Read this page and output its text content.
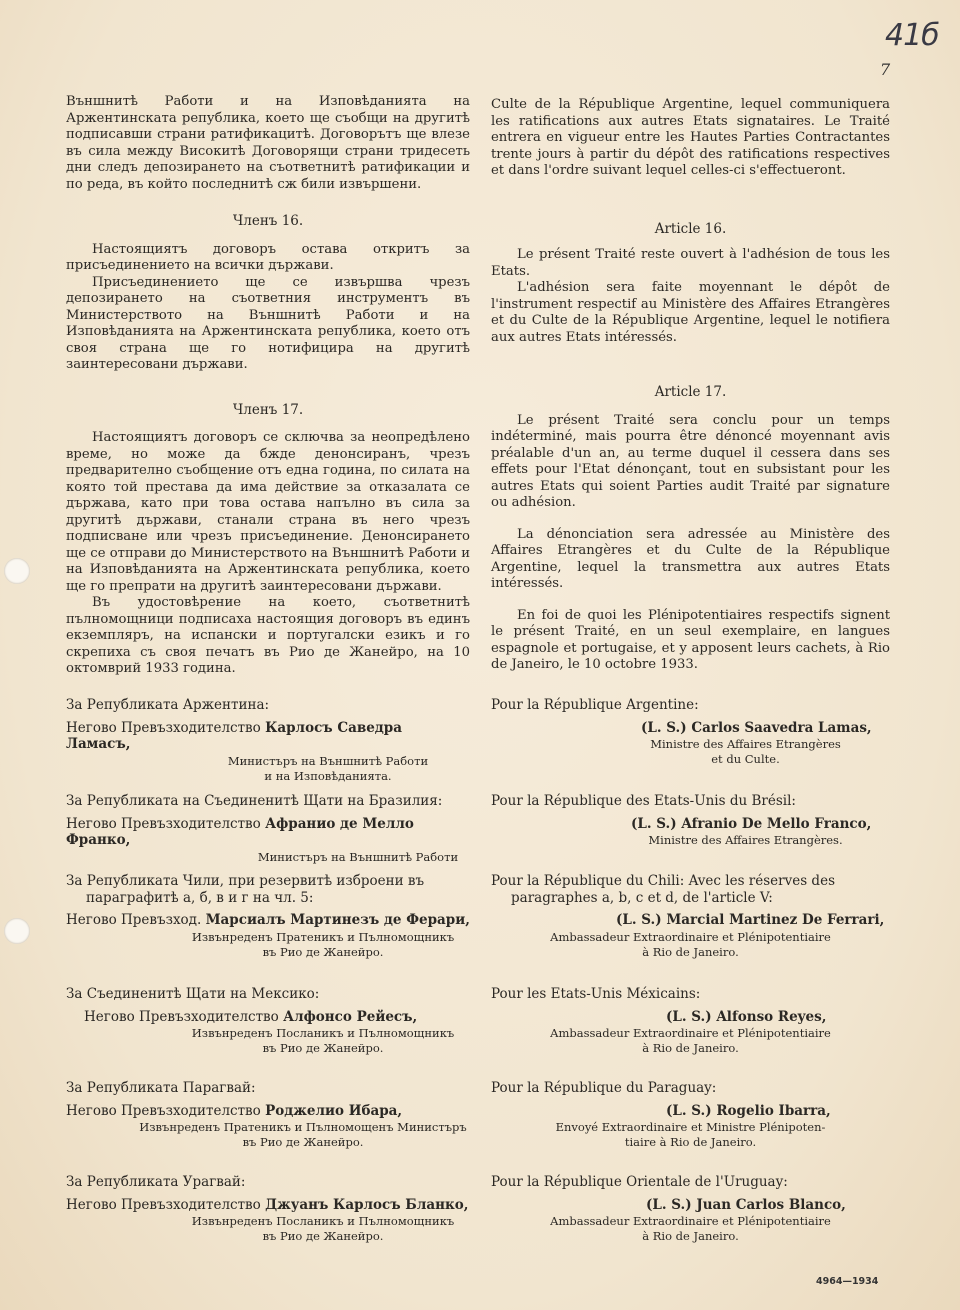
41б
7

Външнитѣ Работи и на Изповѣданията на Аржентинската република, което ще съобщи на другитѣ подписавши страни ратификацитѣ. Договорътъ ще влезе въ сила между Високитѣ Договорящи страни тридесеть дни следъ депозирането на съответнитѣ ратификации и по реда, въ който последнитѣ сж били извършени.

Членъ 16.

Настоящиятъ договоръ остава откритъ за присъединението на всички държави.

Присъединението ще се извършва чрезъ депозирането на съответния инструментъ въ Министерството на Външнитѣ Работи и на Изповѣданията на Аржентинската република, което отъ своя страна ще го нотифицира на другитѣ заинтересовани държави.

Членъ 17.

Настоящиятъ договоръ се сключва за неопредѣлено време, но може да бжде денонсиранъ, чрезъ предварително съобщение отъ една година, по силата на която той престава да има действие за отказалата се държава, като при това остава напълно въ сила за другитѣ държави, станали страна въ него чрезъ подписване или чрезъ присъединение. Денонсирането ще се отправи до Министерството на Външнитѣ Работи и на Изповѣданията на Аржентинската република, което ще го препрати на другитѣ заинтересовани държави.

Въ удостовѣрение на което, съответнитѣ пълномощници подписаха настоящия договоръ въ единъ екземпляръ, на испански и португалски езикъ и го скрепиха съ своя печатъ въ Рио де Жанейро, на 10 октомврий 1933 година.

Culte de la République Argentine, lequel communiquera les ratifications aux autres Etats signataires. Le Traité entrera en vigueur entre les Hautes Parties Contractantes trente jours à partir du dépôt des ratifications respectives et dans l'ordre suivant lequel celles-ci s'effectueront.

Article 16.

Le présent Traité reste ouvert à l'adhésion de tous les Etats.

L'adhésion sera faite moyennant le dépôt de l'instrument respectif au Ministère des Affaires Etrangères et du Culte de la République Argentine, lequel le notifiera aux autres Etats intéressés.

Article 17.

Le présent Traité sera conclu pour un temps indéterminé, mais pourra être dénoncé moyennant avis préalable d'un an, au terme duquel il cessera dans ses effets pour l'Etat dénonçant, tout en subsistant pour les autres Etats qui soient Parties audit Traité par signature ou adhésion.

La dénonciation sera adressée au Ministère des Affaires Etrangères et du Culte de la République Argentine, lequel la transmettra aux autres Etats intéressés.

En foi de quoi les Plénipotentiaires respectifs signent le présent Traité, en un seul exemplaire, en langues espagnole et portugaise, et y apposent leurs cachets, à Rio de Janeiro, le 10 octobre 1933.

За Републиката Аржентина:
Негово Превъзходителство Карлосъ Саведра Ламасъ,
Министъръ на Външнитѣ Работи
и на Изповѣданията.
За Републиката на Съединенитѣ Щати на Бразилия:
Негово Превъзходителство Афранио де Мелло Франко,
Министъръ на Външнитѣ Работи
За Републиката Чили, при резервитѣ изброени въ
параграфитѣ а, б, в и г на чл. 5:
Негово Превъзход. Марсиалъ Мартинезъ де Ферари,
Извънреденъ Пратеникъ и Пълномощникъ
въ Рио де Жанейро.
За Съединенитѣ Щати на Мексико:
Негово Превъзходителство Алфонсо Рейесъ,
Извънреденъ Посланикъ и Пълномощникъ
въ Рио де Жанейро.
За Републиката Парагвай:
Негово Превъзходителство Роджелио Ибара,
Извънреденъ Пратеникъ и Пълномощенъ Министъръ
въ Рио де Жанейро.
За Републиката Урагвай:
Негово Превъзходителство Джуанъ Карлосъ Бланко,
Извънреденъ Посланикъ и Пълномощникъ
въ Рио де Жанейро.
Pour la République Argentine:
(L. S.) Carlos Saavedra Lamas,
Ministre des Affaires Etrangères
et du Culte.
Pour la République des Etats-Unis du Brésil:
(L. S.) Afranio De Mello Franco,
Ministre des Affaires Etrangères.
Pour la République du Chili: Avec les réserves des
paragraphes a, b, c et d, de l'article V:
(L. S.) Marcial Martinez De Ferrari,
Ambassadeur Extraordinaire et Plénipotentiaire
à Rio de Janeiro.
Pour les Etats-Unis Méxicains:
(L. S.) Alfonso Reyes,
Ambassadeur Extraordinaire et Plénipotentiaire
à Rio de Janeiro.
Pour la République du Paraguay:
(L. S.) Rogelio Ibarra,
Envoyé Extraordinaire et Ministre Plénipoten-
tiaire à Rio de Janeiro.
Pour la République Orientale de l'Uruguay:
(L. S.) Juan Carlos Blanco,
Ambassadeur Extraordinaire et Plénipotentiaire
à Rio de Janeiro.
4964—1934
